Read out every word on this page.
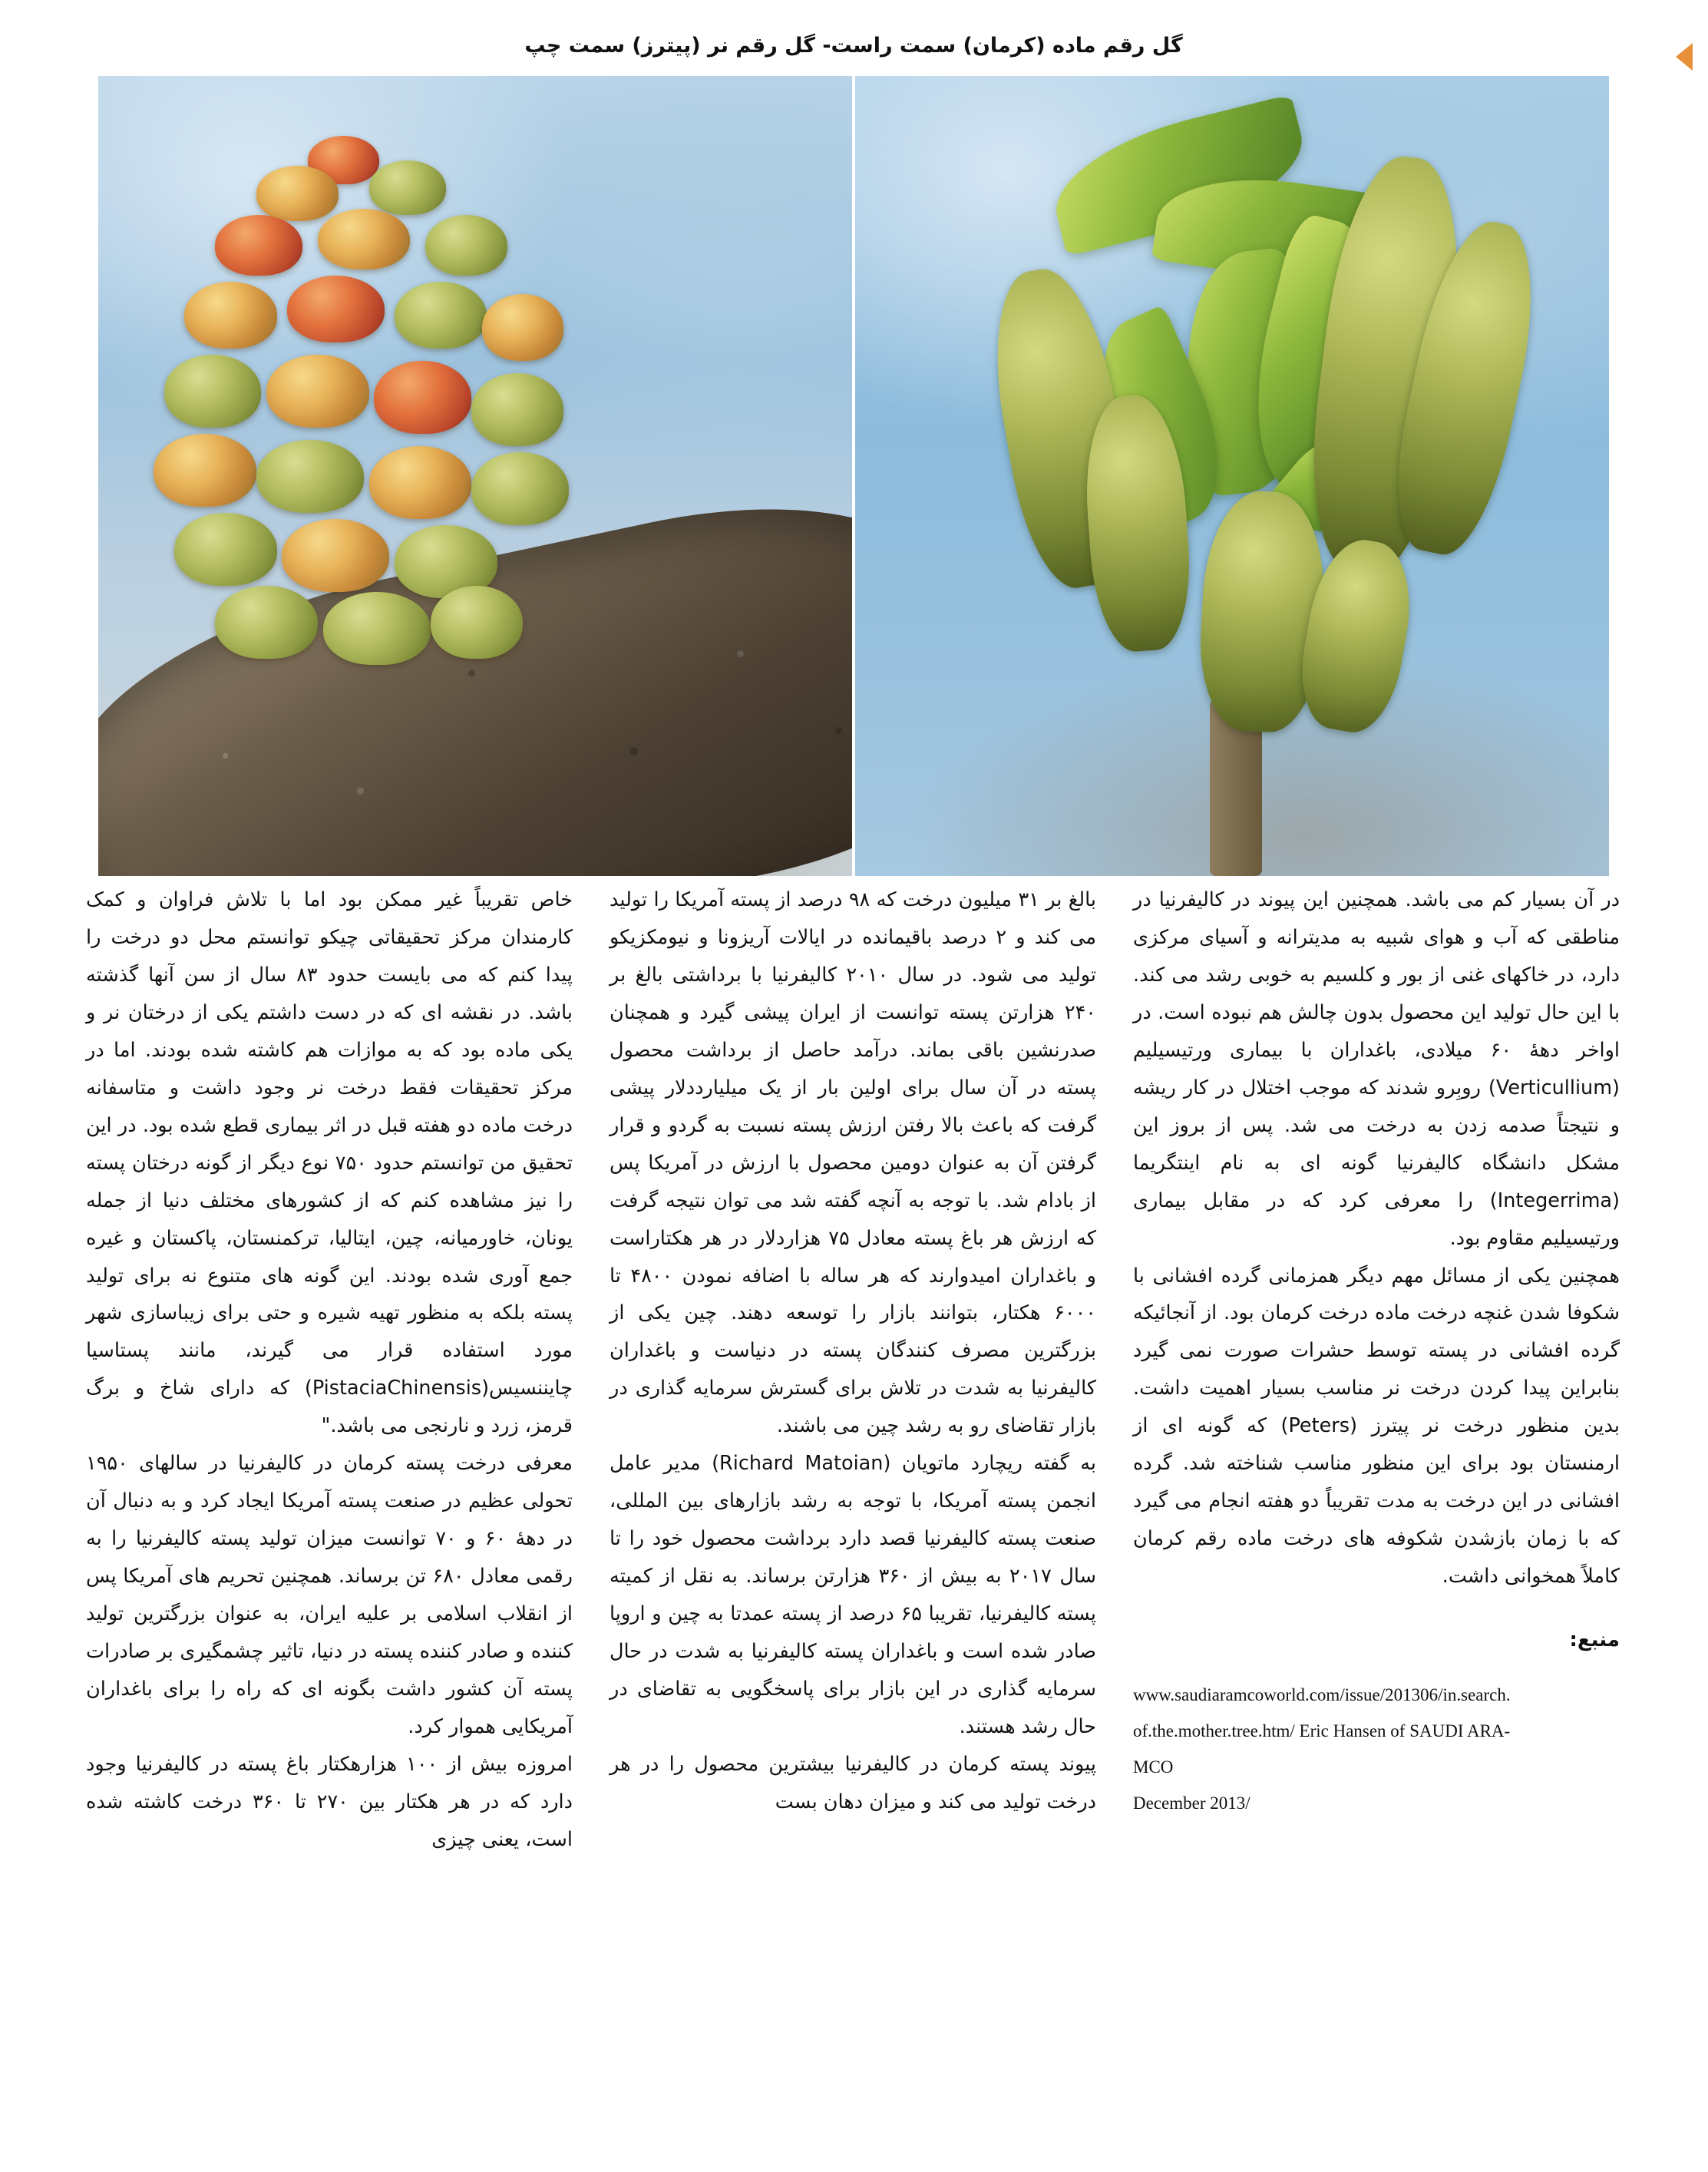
گل رقم ماده (کرمان) سمت راست- گل رقم نر (پیترز) سمت چپ

خاص تقریباً غیر ممکن بود اما با تلاش فراوان و کمک کارمندان مرکز تحقیقاتی چیکو توانستم محل دو درخت را پیدا کنم که می بایست حدود ۸۳ سال از سن آنها گذشته باشد. در نقشه ای که در دست داشتم یکی از درختان نر و یکی ماده بود که به موازات هم کاشته شده بودند. اما در مرکز تحقیقات فقط درخت نر وجود داشت و متاسفانه درخت ماده دو هفته قبل در اثر بیماری قطع شده بود. در این تحقیق من توانستم حدود ۷۵۰ نوع دیگر از گونه درختان پسته را نیز مشاهده کنم که از کشورهای مختلف دنیا از جمله یونان، خاورمیانه، چین، ایتالیا، ترکمنستان، پاکستان و غیره جمع آوری شده بودند. این گونه های متنوع نه برای تولید پسته بلکه به منظور تهیه شیره و حتی برای زیباسازی شهر مورد استفاده قرار می گیرند، مانند پستاسیا چایننسیس(PistaciaChinensis) که دارای شاخ و برگ قرمز، زرد و نارنجی می باشد."

معرفی درخت پسته کرمان در کالیفرنیا در سالهای ۱۹۵۰ تحولی عظیم در صنعت پسته آمریکا ایجاد کرد و به دنبال آن در دهۀ ۶۰ و ۷۰ توانست میزان تولید پسته کالیفرنیا را به رقمی معادل ۶۸۰ تن برساند. همچنین تحریم های آمریکا پس از انقلاب اسلامی بر علیه ایران، به عنوان بزرگترین تولید کننده و صادر کننده پسته در دنیا، تاثیر چشمگیری بر صادرات پسته آن کشور داشت بگونه ای که راه را برای باغداران آمریکایی هموار کرد.

امروزه بیش از ۱۰۰ هزارهکتار باغ پسته در کالیفرنیا وجود دارد که در هر هکتار بین ۲۷۰ تا ۳۶۰ درخت کاشته شده است، یعنی چیزی

بالغ بر ۳۱ میلیون درخت که ۹۸ درصد از پسته آمریکا را تولید می کند و ۲ درصد باقیمانده در ایالات آریزونا و نیومکزیکو تولید می شود. در سال ۲۰۱۰ کالیفرنیا با برداشتی بالغ بر ۲۴۰ هزارتن پسته توانست از ایران پیشی گیرد و همچنان صدرنشین باقی بماند. درآمد حاصل از برداشت محصول پسته در آن سال برای اولین بار از یک میلیارددلار پیشی گرفت که باعث بالا رفتن ارزش پسته نسبت به گردو و قرار گرفتن آن به عنوان دومین محصول با ارزش در آمریکا پس از بادام شد. با توجه به آنچه گفته شد می توان نتیجه گرفت که ارزش هر باغ پسته معادل ۷۵ هزاردلار در هر هکتاراست و باغداران امیدوارند که هر ساله با اضافه نمودن ۴۸۰۰ تا ۶۰۰۰ هکتار، بتوانند بازار را توسعه دهند. چین یکی از بزرگترین مصرف کنندگان پسته در دنیاست و باغداران کالیفرنیا به شدت در تلاش برای گسترش سرمایه گذاری در بازار تقاضای رو به رشد چین می باشند.

به گفته ریچارد ماتویان (Richard Matoian) مدیر عامل انجمن پسته آمریکا، با توجه به رشد بازارهای بین المللی، صنعت پسته کالیفرنیا قصد دارد برداشت محصول خود را تا سال ۲۰۱۷ به بیش از ۳۶۰ هزارتن برساند. به نقل از کمیته پسته کالیفرنیا، تقریبا ۶۵ درصد از پسته عمدتا به چین و اروپا صادر شده است و باغداران پسته کالیفرنیا به شدت در حال سرمایه گذاری در این بازار برای پاسخگویی به تقاضای در حال رشد هستند.

پیوند پسته کرمان در کالیفرنیا بیشترین محصول را در هر درخت تولید می کند و میزان دهان بست

در آن بسیار کم می باشد. همچنین این پیوند در کالیفرنیا در مناطقی که آب و هوای شبیه به مدیترانه و آسیای مرکزی دارد، در خاکهای غنی از بور و کلسیم به خوبی رشد می کند. با این حال تولید این محصول بدون چالش هم نبوده است. در اواخر دهۀ ۶۰ میلادی، باغداران با بیماری ورتیسیلیم (Verticullium) روبِرو شدند که موجب اختلال در کار ریشه و نتیجتاً صدمه زدن به درخت می شد. پس از بروز این مشکل دانشگاه کالیفرنیا گونه ای به نام اینتگریما (Integerrima) را معرفی کرد که در مقابل بیماری ورتیسیلیم مقاوم بود.

همچنین یکی از مسائل مهم دیگر همزمانی گرده افشانی با شکوفا شدن غنچه درخت ماده درخت کرمان بود. از آنجائیکه گرده افشانی در پسته توسط حشرات صورت نمی گیرد بنابراین پیدا کردن درخت نر مناسب بسیار اهمیت داشت. بدین منظور درخت نر پیترز (Peters) که گونه ای از ارمنستان بود برای این منظور مناسب شناخته شد. گرده افشانی در این درخت به مدت تقریباً دو هفته انجام می گیرد که با زمان بازشدن شکوفه های درخت ماده رقم کرمان کاملاً همخوانی داشت.

منبع:
www.saudiaramcoworld.com/issue/201306/in.search.
of.the.mother.tree.htm/ Eric Hansen of SAUDI ARA-
MCO
December 2013/
